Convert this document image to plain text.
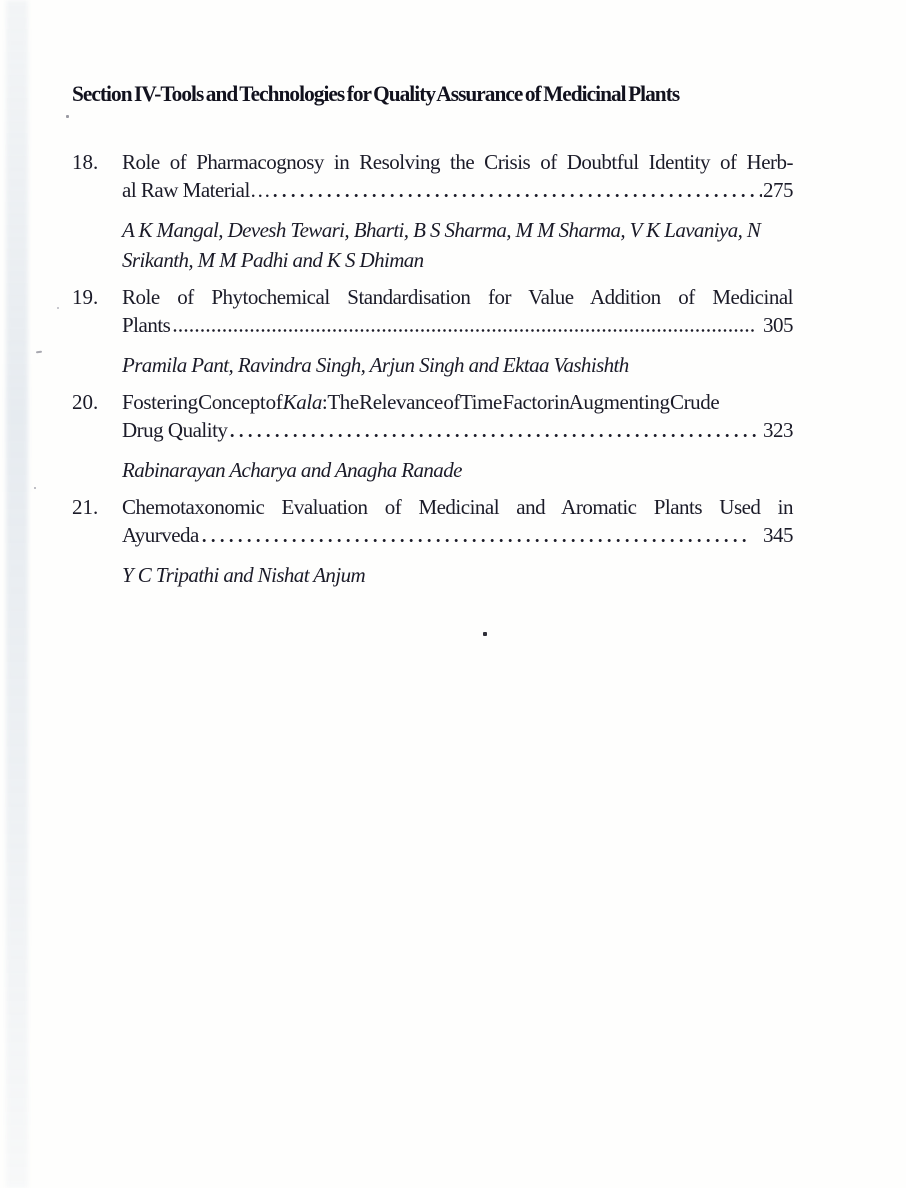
Section IV-Tools and Technologies for Quality Assurance of Medicinal Plants
18.	Role of Pharmacognosy in Resolving the Crisis of Doubtful Identity of Herb-
al Raw Material…	275
A K Mangal, Devesh Tewari, Bharti, B S Sharma, M M Sharma, V K Lavaniya, N Srikanth, M M Padhi and K S Dhiman
19.	Role of Phytochemical Standardisation for Value Addition of Medicinal
Plants	305
Pramila Pant, Ravindra Singh, Arjun Singh and Ektaa Vashishth
20.	Fostering Concept of Kala: The Relevance of Time Factor in Augmenting Crude
Drug Quality	323
Rabinarayan Acharya and Anagha Ranade
21.	Chemotaxonomic Evaluation of Medicinal and Aromatic Plants Used in
Ayurveda	345
Y C Tripathi and Nishat Anjum
